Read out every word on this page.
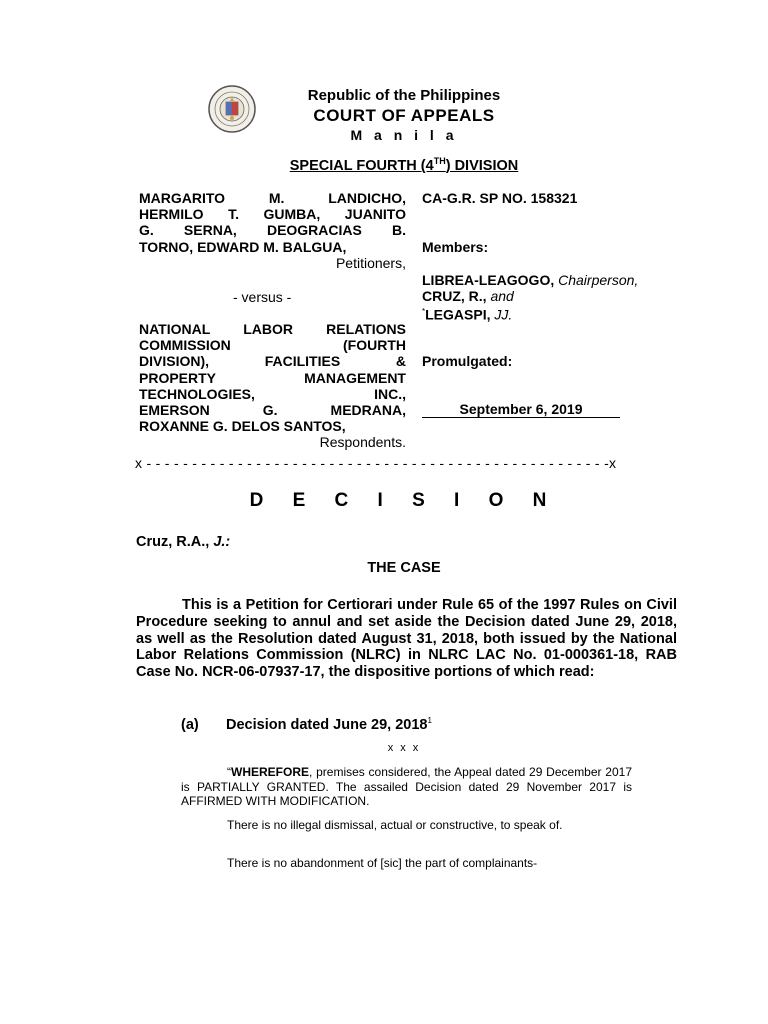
Republic of the Philippines
COURT OF APPEALS
M a n i l a
SPECIAL FOURTH (4TH) DIVISION
MARGARITO M. LANDICHO,
HERMILO T. GUMBA, JUANITO
G. SERNA, DEOGRACIAS B.
TORNO, EDWARD M. BALGUA,
Petitioners,
- versus -
NATIONAL LABOR RELATIONS
COMMISSION (FOURTH
DIVISION), FACILITIES &
PROPERTY MANAGEMENT
TECHNOLOGIES, INC.,
EMERSON G. MEDRANA,
ROXANNE G. DELOS SANTOS,
Respondents.
CA-G.R. SP NO. 158321
Members:
LIBREA-LEAGOGO, Chairperson,
CRUZ, R., and
*LEGASPI, JJ.
Promulgated:
September 6, 2019
x - - - - - - - - - - - - - - - - - - - - - - - - - - - - - - - - - - - - - - - - - - - - - - - - - - -x
D E C I S I O N
Cruz, R.A., J.:
THE CASE
This is a Petition for Certiorari under Rule 65 of the 1997 Rules on Civil Procedure seeking to annul and set aside the Decision dated June 29, 2018, as well as the Resolution dated August 31, 2018, both issued by the National Labor Relations Commission (NLRC) in NLRC LAC No. 01-000361-18, RAB Case No. NCR-06-07937-17, the dispositive portions of which read:
(a) Decision dated June 29, 2018$^1$
x x x
“WHEREFORE, premises considered, the Appeal dated 29 December 2017 is PARTIALLY GRANTED. The assailed Decision dated 29 November 2017 is AFFIRMED WITH MODIFICATION.
There is no illegal dismissal, actual or constructive, to speak of.
There is no abandonment of [sic] the part of complainants-
